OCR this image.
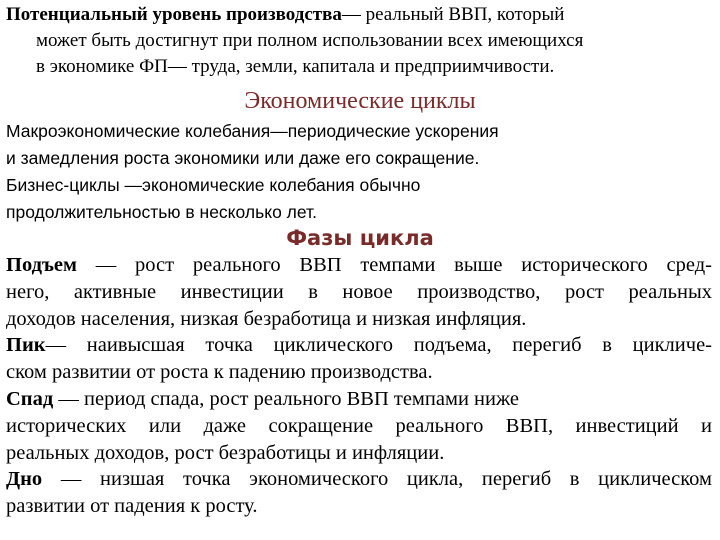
Потенциальный уровень производства— реальный ВВП, который
может быть достигнут при полном использовании всех имеющихся
в экономике ФП— труда, земли, капитала и предприимчивости.
Экономические циклы
Макроэкономические колебания—периодические ускорения
и замедления роста экономики или даже его сокращение.
Бизнес-циклы —экономические колебания обычно
продолжительностью в несколько лет.
Фазы цикла
Подъем — рост реального ВВП темпами выше исторического сред-
него, активные инвестиции в новое производство, рост реальных
доходов населения, низкая безработица и низкая инфляция.
Пик— наивысшая точка циклического подъема, перегиб в цикличе-
ском развитии от роста к падению производства.
Спад — период спада, рост реального ВВП темпами ниже
исторических или даже сокращение реального ВВП, инвестиций и
реальных доходов, рост безработицы и инфляции.
Дно — низшая точка экономического цикла, перегиб в циклическом
развитии от падения к росту.
